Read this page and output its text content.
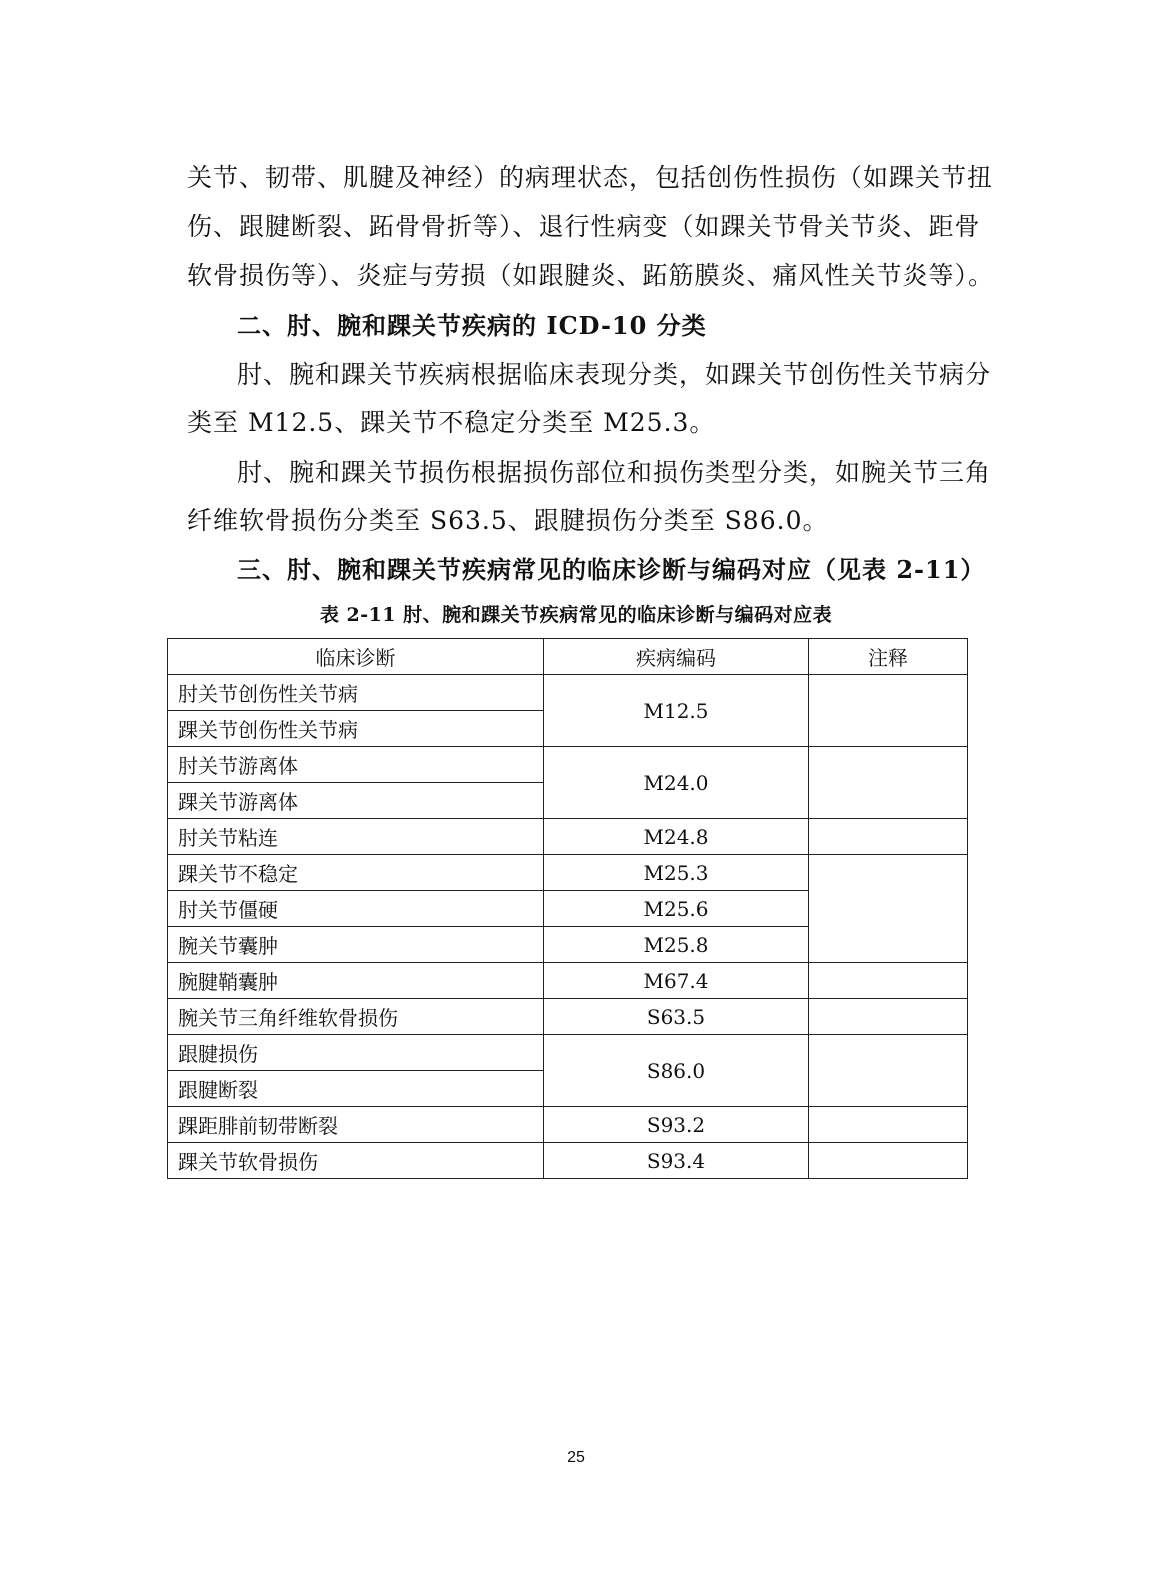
关节、韧带、肌腱及神经）的病理状态，包括创伤性损伤（如踝关节扭
伤、跟腱断裂、跖骨骨折等）、退行性病变（如踝关节骨关节炎、距骨
软骨损伤等）、炎症与劳损（如跟腱炎、跖筋膜炎、痛风性关节炎等）。
二、肘、腕和踝关节疾病的 ICD-10 分类
肘、腕和踝关节疾病根据临床表现分类，如踝关节创伤性关节病分
类至 M12.5、踝关节不稳定分类至 M25.3。
肘、腕和踝关节损伤根据损伤部位和损伤类型分类，如腕关节三角
纤维软骨损伤分类至 S63.5、跟腱损伤分类至 S86.0。
三、肘、腕和踝关节疾病常见的临床诊断与编码对应（见表 2-11）
表 2-11 肘、腕和踝关节疾病常见的临床诊断与编码对应表
临床诊断	疾病编码	注释
肘关节创伤性关节病	M12.5	
踝关节创伤性关节病		
肘关节游离体	M24.0	
踝关节游离体		
肘关节粘连	M24.8	
踝关节不稳定	M25.3	
肘关节僵硬	M25.6	
腕关节囊肿	M25.8	
腕腱鞘囊肿	M67.4	
腕关节三角纤维软骨损伤	S63.5	
跟腱损伤	S86.0	
跟腱断裂		
踝距腓前韧带断裂	S93.2	
踝关节软骨损伤	S93.4	
25
